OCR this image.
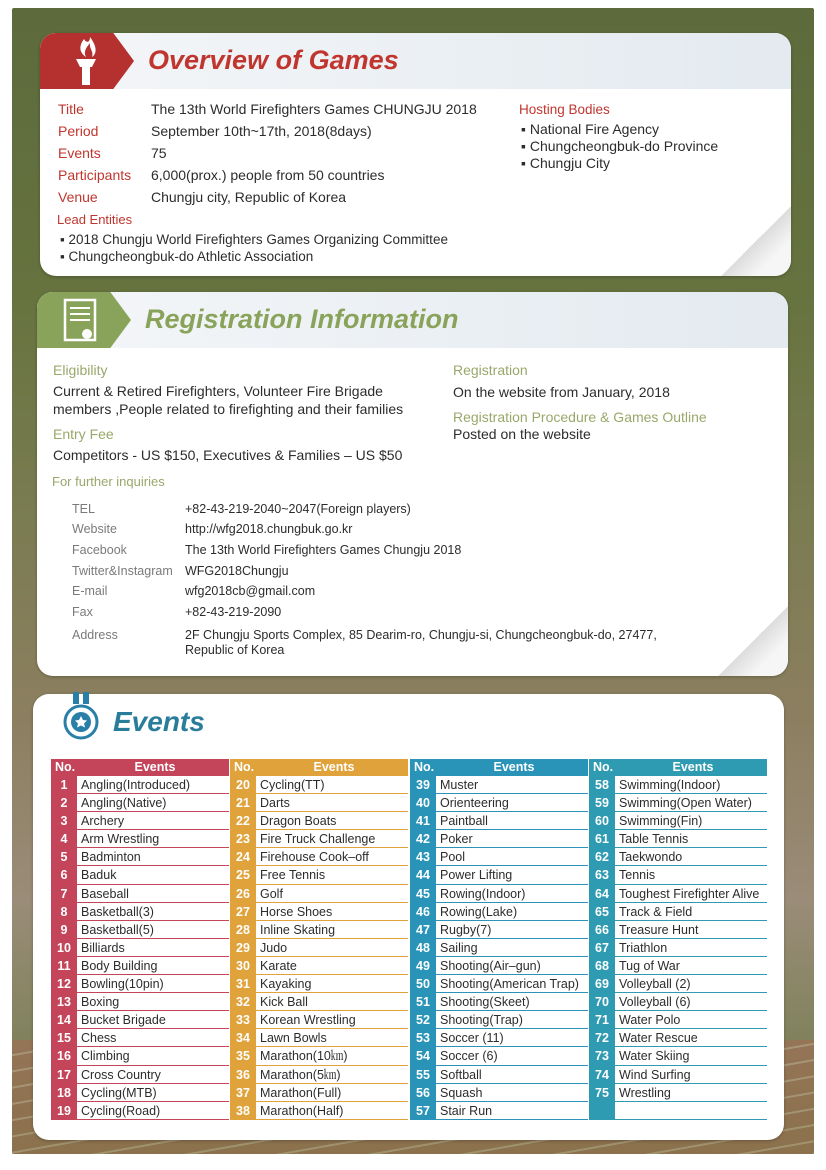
Overview of Games
Title	The 13th World Firefighters Games CHUNGJU 2018
Period	September 10th~17th, 2018(8days)
Events	75
Participants 6,000(prox.) people from 50 countries
Venue	Chungju city, Republic of Korea
Lead Entities
▪ 2018 Chungju World Firefighters Games Organizing Committee
▪ Chungcheongbuk-do Athletic Association
Hosting Bodies
▪ National Fire Agency
▪ Chungcheongbuk-do Province
▪ Chungju City
Registration Information
Eligibility
Current & Retired Firefighters, Volunteer Fire Brigade
members ,People related to firefighting and their families
Entry Fee
Competitors - US $150, Executives & Families – US $50
Registration
On the website from January, 2018
Registration Procedure & Games Outline
Posted on the website
For further inquiries
TEL	+82-43-219-2040~2047(Foreign players)
Website	http://wfg2018.chungbuk.go.kr
Facebook	The 13th World Firefighters Games Chungju 2018
Twitter&Instagram WFG2018Chungju
E-mail	wfg2018cb@gmail.com
Fax	+82-43-219-2090
Address	2F Chungju Sports Complex, 85 Dearim-ro, Chungju-si, Chungcheongbuk-do, 27477,
Republic of Korea
Events
No.	Events
1	Angling(Introduced)
2	Angling(Native)
3	Archery
4	Arm Wrestling
5	Badminton
6	Baduk
7	Baseball
8	Basketball(3)
9	Basketball(5)
10 Billiards
11 Body Building
12 Bowling(10pin)
13 Boxing
14 Bucket Brigade
15 Chess
16 Climbing
17 Cross Country
18 Cycling(MTB)
19 Cycling(Road)
No.	Events
20 Cycling(TT)
21 Darts
22 Dragon Boats
23 Fire Truck Challenge
24 Firehouse Cook–off
25 Free Tennis
26 Golf
27 Horse Shoes
28 Inline Skating
29 Judo
30 Karate
31 Kayaking
32 Kick Ball
33 Korean Wrestling
34 Lawn Bowls
35 Marathon(10㎞)
36 Marathon(5㎞)
37 Marathon(Full)
38 Marathon(Half)
No.	Events
39 Muster
40 Orienteering
41 Paintball
42 Poker
43 Pool
44 Power Lifting
45 Rowing(Indoor)
46 Rowing(Lake)
47 Rugby(7)
48 Sailing
49 Shooting(Air–gun)
50 Shooting(American Trap)
51 Shooting(Skeet)
52 Shooting(Trap)
53 Soccer (11)
54 Soccer (6)
55 Softball
56 Squash
57 Stair Run
No.	Events
58 Swimming(Indoor)
59 Swimming(Open Water)
60 Swimming(Fin)
61 Table Tennis
62 Taekwondo
63 Tennis
64 Toughest Firefighter Alive
65 Track & Field
66 Treasure Hunt
67 Triathlon
68 Tug of War
69 Volleyball (2)
70 Volleyball (6)
71 Water Polo
72 Water Rescue
73 Water Skiing
74 Wind Surfing
75 Wrestling
